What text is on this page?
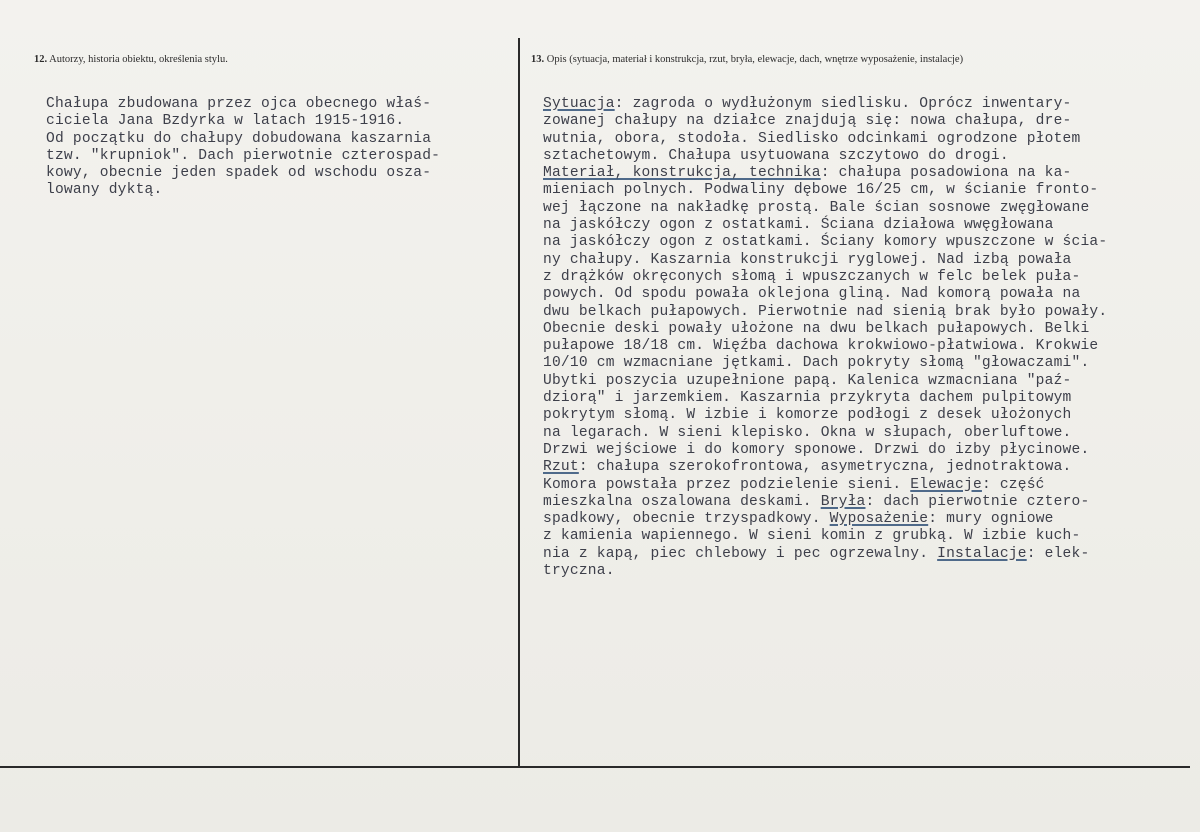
12. Autorzy, historia obiektu, określenia stylu.	13. Opis (sytuacja, materiał i konstrukcja, rzut, bryła, elewacje, dach, wnętrze wyposażenie, instalacje)
Chałupa zbudowana przez ojca obecnego właś-
ciciela Jana Bzdyrka w latach 1915-1916.
Od początku do chałupy dobudowana kaszarnia
tzw. "krupniok". Dach pierwotnie czterospad-
kowy, obecnie jeden spadek od wschodu osza-
lowany dyktą.
Sytuacja: zagroda o wydłużonym siedlisku. Oprócz inwentary-
zowanej chałupy na działce znajdują się: nowa chałupa, dre-
wutnia, obora, stodoła. Siedlisko odcinkami ogrodzone płotem
sztachetowym. Chałupa usytuowana szczytowo do drogi.
Materiał, konstrukcja, technika: chałupa posadowiona na ka-
mieniach polnych. Podwaliny dębowe 16/25 cm, w ścianie fronto-
wej łączone na nakładkę prostą. Bale ścian sosnowe zwęgłowane
na jaskółczy ogon z ostatkami. Ściana działowa wwęgłowana
na jaskółczy ogon z ostatkami. Ściany komory wpuszczone w ścia-
ny chałupy. Kaszarnia konstrukcji ryglowej. Nad izbą powała
z drążków okręconych słomą i wpuszczanych w felc belek puła-
powych. Od spodu powała oklejona gliną. Nad komorą powała na
dwu belkach pułapowych. Pierwotnie nad sienią brak było powały.
Obecnie deski powały ułożone na dwu belkach pułapowych. Belki
pułapowe 18/18 cm. Więźba dachowa krokwiowo-płatwiowa. Krokwie
10/10 cm wzmacniane jętkami. Dach pokryty słomą "głowaczami".
Ubytki poszycia uzupełnione papą. Kalenica wzmacniana "paź-
dziorą" i jarzemkiem. Kaszarnia przykryta dachem pulpitowym
pokrytym słomą. W izbie i komorze podłogi z desek ułożonych
na legarach. W sieni klepisko. Okna w słupach, oberluftowe.
Drzwi wejściowe i do komory sponowe. Drzwi do izby płycinowe.
Rzut: chałupa szerokofrontowa, asymetryczna, jednotraktowa.
Komora powstała przez podzielenie sieni. Elewacje: część
mieszkalna oszalowana deskami. Bryła: dach pierwotnie cztero-
spadkowy, obecnie trzyspadkowy. Wyposażenie: mury ogniowe
z kamienia wapiennego. W sieni komin z grubką. W izbie kuch-
nia z kapą, piec chlebowy i pec ogrzewalny. Instalacje: elek-
tryczna.
